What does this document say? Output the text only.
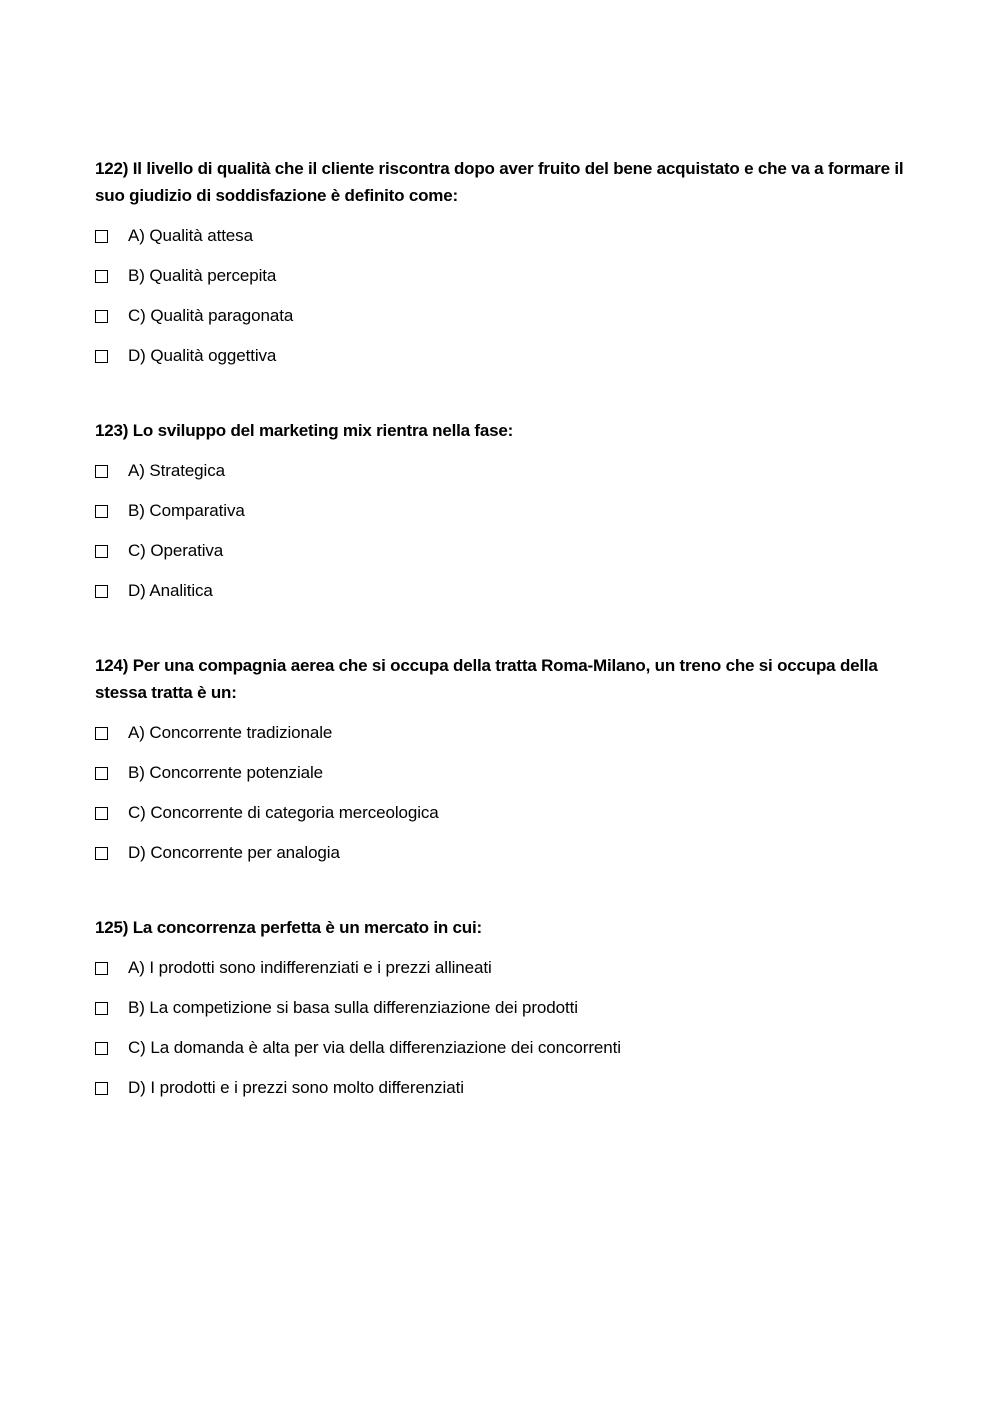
122) Il livello di qualità che il cliente riscontra dopo aver fruito del bene acquistato e che va a formare il suo giudizio di soddisfazione è definito come:

A) Qualità attesa
B) Qualità percepita
C) Qualità paragonata
D) Qualità oggettiva

123) Lo sviluppo del marketing mix rientra nella fase:

A) Strategica
B) Comparativa
C) Operativa
D) Analitica

124) Per una compagnia aerea che si occupa della tratta Roma-Milano, un treno che si occupa della stessa tratta è un:

A) Concorrente tradizionale
B) Concorrente potenziale
C) Concorrente di categoria merceologica
D) Concorrente per analogia

125) La concorrenza perfetta è un mercato in cui:

A) I prodotti sono indifferenziati e i prezzi allineati
B) La competizione si basa sulla differenziazione dei prodotti
C) La domanda è alta per via della differenziazione dei concorrenti
D) I prodotti e i prezzi sono molto differenziati
